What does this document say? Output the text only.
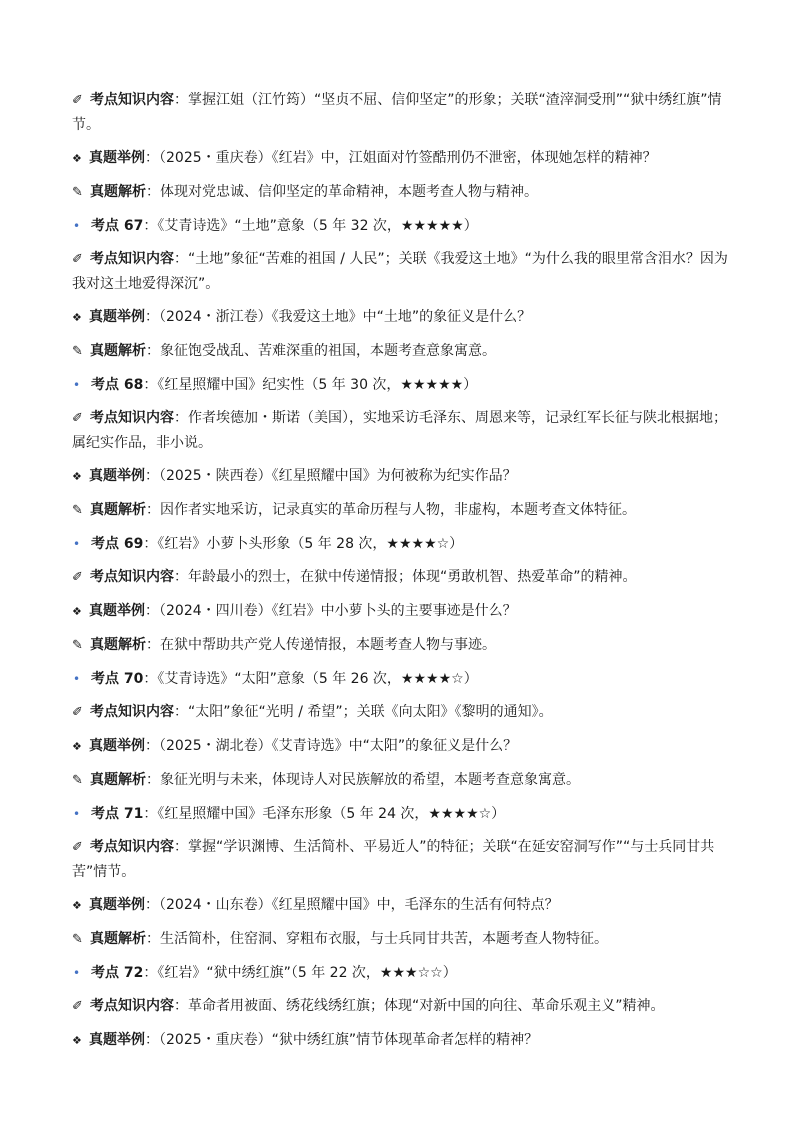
✐ 考点知识内容：掌握江姐（江竹筠）“坚贞不屈、信仰坚定”的形象；关联“渣滓洞受刑”“狱中绣红旗”情节。

❖ 真题举例：（2025・重庆卷）《红岩》中，江姐面对竹签酷刑仍不泄密，体现她怎样的精神？

✎ 真题解析：体现对党忠诚、信仰坚定的革命精神，本题考查人物与精神。

• 考点 67：《艾青诗选》“土地”意象（5 年 32 次，★★★★★）

✐ 考点知识内容：“土地”象征“苦难的祖国 / 人民”；关联《我爱这土地》“为什么我的眼里常含泪水？因为我对这土地爱得深沉”。

❖ 真题举例：（2024・浙江卷）《我爱这土地》中“土地”的象征义是什么？

✎ 真题解析：象征饱受战乱、苦难深重的祖国，本题考查意象寓意。

• 考点 68：《红星照耀中国》纪实性（5 年 30 次，★★★★★）

✐ 考点知识内容：作者埃德加・斯诺（美国），实地采访毛泽东、周恩来等，记录红军长征与陕北根据地；属纪实作品，非小说。

❖ 真题举例：（2025・陕西卷）《红星照耀中国》为何被称为纪实作品？

✎ 真题解析：因作者实地采访，记录真实的革命历程与人物，非虚构，本题考查文体特征。

• 考点 69：《红岩》小萝卜头形象（5 年 28 次，★★★★☆）

✐ 考点知识内容：年龄最小的烈士，在狱中传递情报；体现“勇敢机智、热爱革命”的精神。

❖ 真题举例：（2024・四川卷）《红岩》中小萝卜头的主要事迹是什么？

✎ 真题解析：在狱中帮助共产党人传递情报，本题考查人物与事迹。

• 考点 70：《艾青诗选》“太阳”意象（5 年 26 次，★★★★☆）

✐ 考点知识内容：“太阳”象征“光明 / 希望”；关联《向太阳》《黎明的通知》。

❖ 真题举例：（2025・湖北卷）《艾青诗选》中“太阳”的象征义是什么？

✎ 真题解析：象征光明与未来，体现诗人对民族解放的希望，本题考查意象寓意。

• 考点 71：《红星照耀中国》毛泽东形象（5 年 24 次，★★★★☆）

✐ 考点知识内容：掌握“学识渊博、生活简朴、平易近人”的特征；关联“在延安窑洞写作”“与士兵同甘共苦”情节。

❖ 真题举例：（2024・山东卷）《红星照耀中国》中，毛泽东的生活有何特点？

✎ 真题解析：生活简朴，住窑洞、穿粗布衣服，与士兵同甘共苦，本题考查人物特征。

• 考点 72：《红岩》“狱中绣红旗”（5 年 22 次，★★★☆☆）

✐ 考点知识内容：革命者用被面、绣花线绣红旗；体现“对新中国的向往、革命乐观主义”精神。

❖ 真题举例：（2025・重庆卷）“狱中绣红旗”情节体现革命者怎样的精神？
